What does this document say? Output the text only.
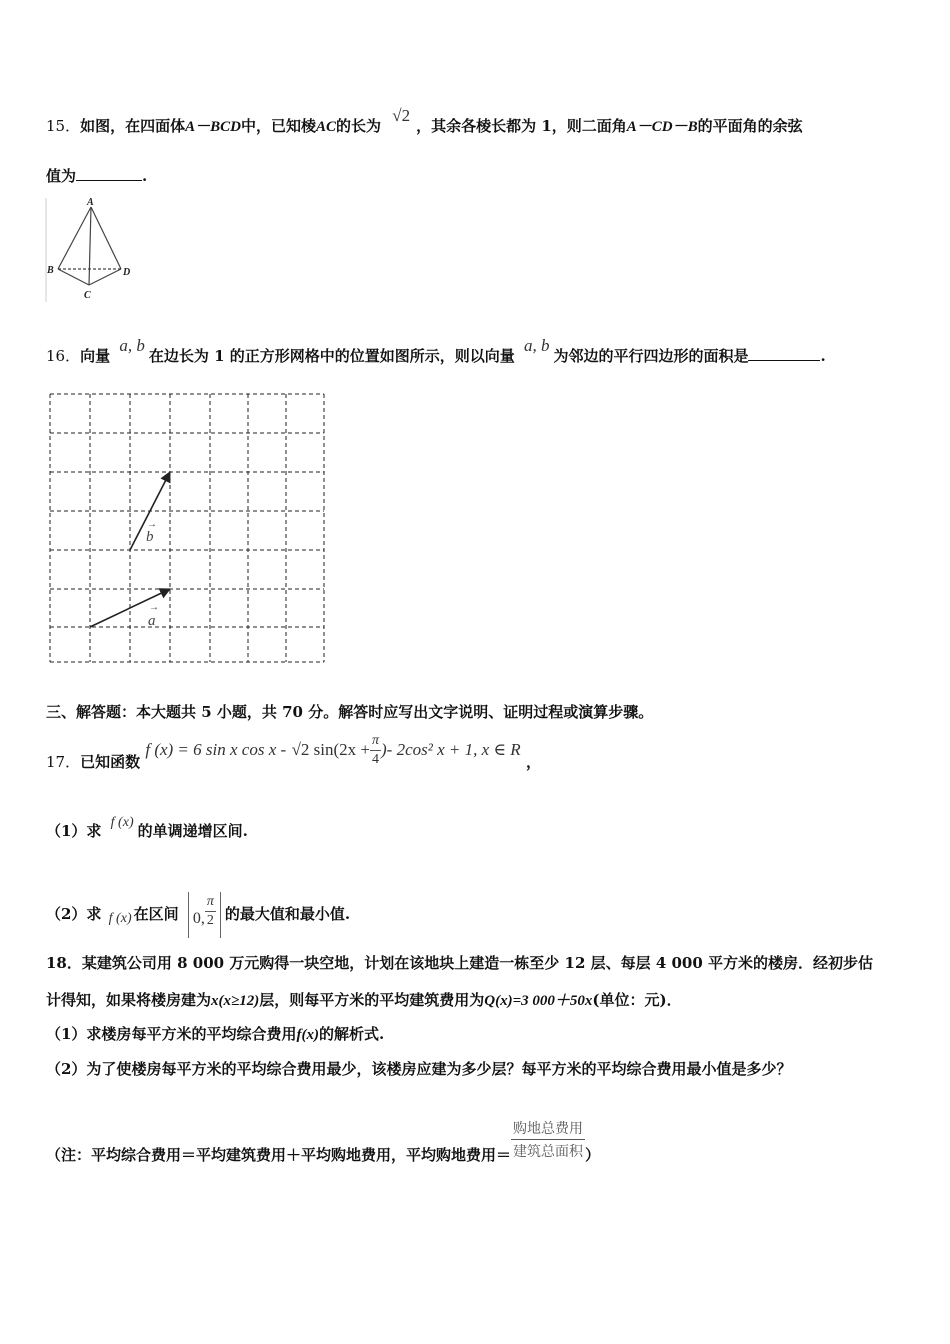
15．如图，在四面体A－BCD中，已知棱AC的长为 √2，其余各棱长都为 1，则二面角A－CD－B的平面角的余弦
值为	.
A
B
C
D
16．向量 a, b在边长为 1 的正方形网格中的位置如图所示，则以向量 a, b为邻边的平行四边形的面积是	.
b
→
a
→
三、解答题：本大题共 5 小题，共 70 分。解答时应写出文字说明、证明过程或演算步骤。
17．已知函数 f (x) = 6 sin x cos x - √2 $\sin(2x + \frac{\pi}{4}$ )- 2cos² x + 1, x ∈ R ，
（1）求 f (x) 的单调递增区间.
（2）求 f (x) 在区间 0, $\frac{\pi}{2}$ 的最大值和最小值.
18．某建筑公司用 8 000 万元购得一块空地，计划在该地块上建造一栋至少 12 层、每层 4 000 平方米的楼房．经初步估
计得知，如果将楼房建为x(x≥12)层，则每平方米的平均建筑费用为Q(x)=3 000＋50x(单位：元)．
（1）求楼房每平方米的平均综合费用f(x)的解析式.
（2）为了使楼房每平方米的平均综合费用最少，该楼房应建为多少层？每平方米的平均综合费用最小值是多少？
（注：平均综合费用＝平均建筑费用＋平均购地费用，平均购地费用＝ $\frac{\text{购地总费用}}{\text{建筑总面积}}$ ）
